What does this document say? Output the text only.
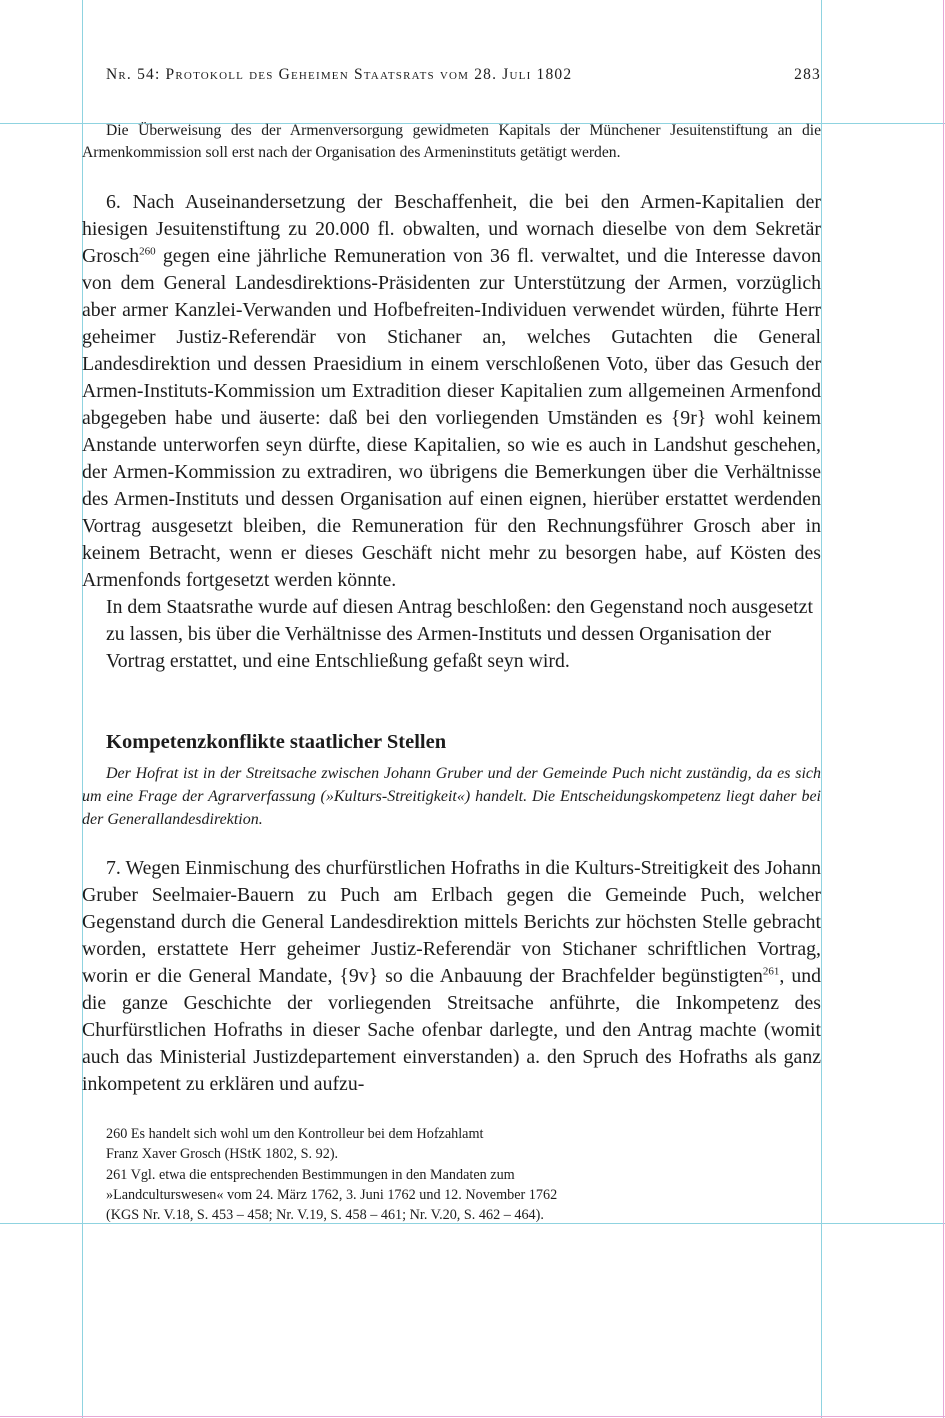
Nr. 54: Protokoll des Geheimen Staatsrats vom 28. Juli 1802	283

Die Überweisung des der Armenversorgung gewidmeten Kapitals der Münchener Jesuitenstiftung an die Armenkommission soll erst nach der Organisation des Armeninstituts getätigt werden.

6. Nach Auseinandersetzung der Beschaffenheit, die bei den Armen-Kapitalien der hiesigen Jesuitenstiftung zu 20.000 fl. obwalten, und wornach dieselbe von dem Sekretär Grosch$^{260}$ gegen eine jährliche Remuneration von 36 fl. verwaltet, und die Interesse davon von dem General Landesdirektions-Präsidenten zur Unterstützung der Armen, vorzüglich aber armer Kanzlei-Verwanden und Hofbefreiten-Individuen verwendet würden, führte Herr geheimer Justiz-Referendär von Stichaner an, welches Gutachten die General Landesdirektion und dessen Praesidium in einem verschloßenen Voto, über das Gesuch der Armen-Instituts-Kommission um Extradition dieser Kapitalien zum allgemeinen Armenfond abgegeben habe und äuserte: daß bei den vorliegenden Umständen es {9r} wohl keinem Anstande unterworfen seyn dürfte, diese Kapitalien, so wie es auch in Landshut geschehen, der Armen-Kommission zu extradiren, wo übrigens die Bemerkungen über die Verhältnisse des Armen-Instituts und dessen Organisation auf einen eignen, hierüber erstattet werdenden Vortrag ausgesetzt bleiben, die Remuneration für den Rechnungsführer Grosch aber in keinem Betracht, wenn er dieses Geschäft nicht mehr zu besorgen habe, auf Kösten des Armenfonds fortgesetzt werden könnte.

In dem Staatsrathe wurde auf diesen Antrag beschloßen: den Gegenstand noch ausgesetzt zu lassen, bis über die Verhältnisse des Armen-Instituts und dessen Organisation der Vortrag erstattet, und eine Entschließung gefaßt seyn wird.

Kompetenzkonflikte staatlicher Stellen

Der Hofrat ist in der Streitsache zwischen Johann Gruber und der Gemeinde Puch nicht zuständig, da es sich um eine Frage der Agrarverfassung (»Kulturs-Streitigkeit«) handelt. Die Entscheidungskompetenz liegt daher bei der Generallandesdirektion.

7. Wegen Einmischung des churfürstlichen Hofraths in die Kulturs-Streitigkeit des Johann Gruber Seelmaier-Bauern zu Puch am Erlbach gegen die Gemeinde Puch, welcher Gegenstand durch die General Landesdirektion mittels Berichts zur höchsten Stelle gebracht worden, erstattete Herr geheimer Justiz-Referendär von Stichaner schriftlichen Vortrag, worin er die General Mandate, {9v} so die Anbauung der Brachfelder begünstigten$^{261}$, und die ganze Geschichte der vorliegenden Streitsache anführte, die Inkompetenz des Churfürstlichen Hofraths in dieser Sache ofenbar darlegte, und den Antrag machte (womit auch das Ministerial Justizdepartement einverstanden) a. den Spruch des Hofraths als ganz inkompetent zu erklären und aufzu-

260 Es handelt sich wohl um den Kontrolleur bei dem Hofzahlamt
Franz Xaver Grosch (HStK 1802, S. 92).
261 Vgl. etwa die entsprechenden Bestimmungen in den Mandaten zum
»Landculturswesen« vom 24. März 1762, 3. Juni 1762 und 12. November 1762
(KGS Nr. V.18, S. 453 – 458; Nr. V.19, S. 458 – 461; Nr. V.20, S. 462 – 464).
